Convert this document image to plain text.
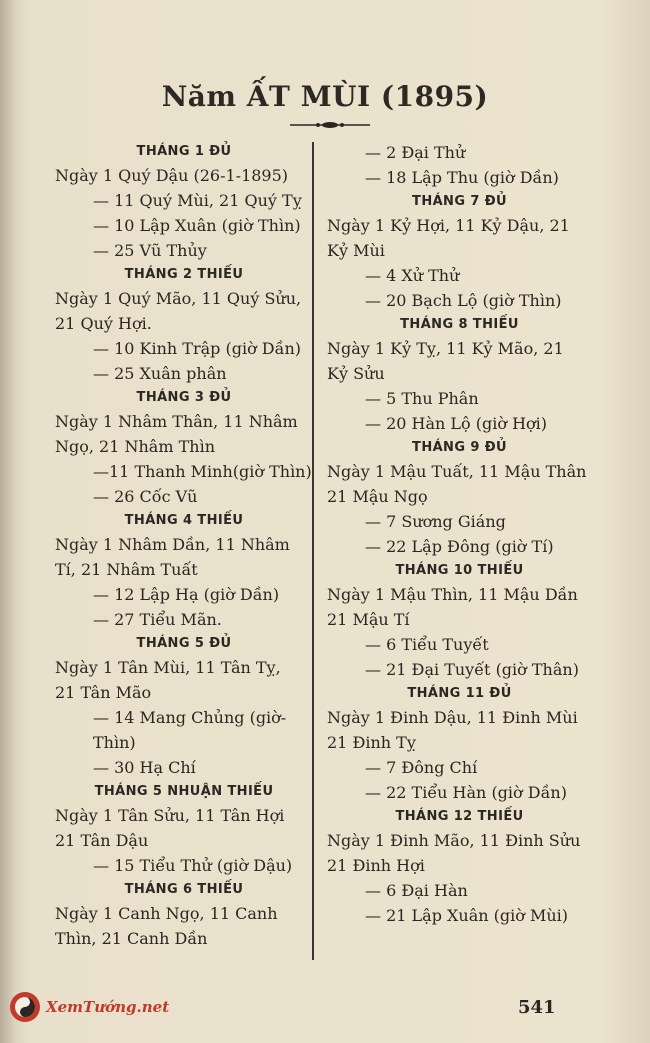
Năm ẤT MÙI (1895)
THÁNG 1 ĐỦ
Ngày 1 Quý Dậu (26-1-1895)
— 11 Quý Mùi, 21 Quý Tỵ
— 10 Lập Xuân (giờ Thìn)
— 25 Vũ Thủy
THÁNG 2 THIẾU
Ngày 1 Quý Mão, 11 Quý Sửu,
21 Quý Hợi.
— 10 Kinh Trập (giờ Dần)
— 25 Xuân phân
THÁNG 3 ĐỦ
Ngày 1 Nhâm Thân, 11 Nhâm
Ngọ, 21 Nhâm Thìn
—11 Thanh Minh(giờ Thìn)
— 26 Cốc Vũ
THÁNG 4 THIẾU
Ngày 1 Nhâm Dần, 11 Nhâm
Tí, 21 Nhâm Tuất
— 12 Lập Hạ (giờ Dần)
— 27 Tiểu Mãn.
THÁNG 5 ĐỦ
Ngày 1 Tân Mùi, 11 Tân Tỵ,
21 Tân Mão
— 14 Mang Chủng (giờ-
Thìn)
— 30 Hạ Chí
THÁNG 5 NHUẬN THIẾU
Ngày 1 Tân Sửu, 11 Tân Hợi
21 Tân Dậu
— 15 Tiểu Thử (giờ Dậu)
THÁNG 6 THIẾU
Ngày 1 Canh Ngọ, 11 Canh
Thìn, 21 Canh Dần
— 2 Đại Thử
— 18 Lập Thu (giờ Dần)
THÁNG 7 ĐỦ
Ngày 1 Kỷ Hợi, 11 Kỷ Dậu, 21
Kỷ Mùi
— 4 Xử Thử
— 20 Bạch Lộ (giờ Thìn)
THÁNG 8 THIẾU
Ngày 1 Kỷ Tỵ, 11 Kỷ Mão, 21
Kỷ Sửu
— 5 Thu Phân
— 20 Hàn Lộ (giờ Hợi)
THÁNG 9 ĐỦ
Ngày 1 Mậu Tuất, 11 Mậu Thân
21 Mậu Ngọ
— 7 Sương Giáng
— 22 Lập Đông (giờ Tí)
THÁNG 10 THIẾU
Ngày 1 Mậu Thìn, 11 Mậu Dần
21 Mậu Tí
— 6 Tiểu Tuyết
— 21 Đại Tuyết (giờ Thân)
THÁNG 11 ĐỦ
Ngày 1 Đinh Dậu, 11 Đinh Mùi
21 Đinh Tỵ
— 7 Đông Chí
— 22 Tiểu Hàn (giờ Dần)
THÁNG 12 THIẾU
Ngày 1 Đinh Mão, 11 Đinh Sửu
21 Đinh Hợi
— 6 Đại Hàn
— 21 Lập Xuân (giờ Mùi)
XemTướng.net	541
